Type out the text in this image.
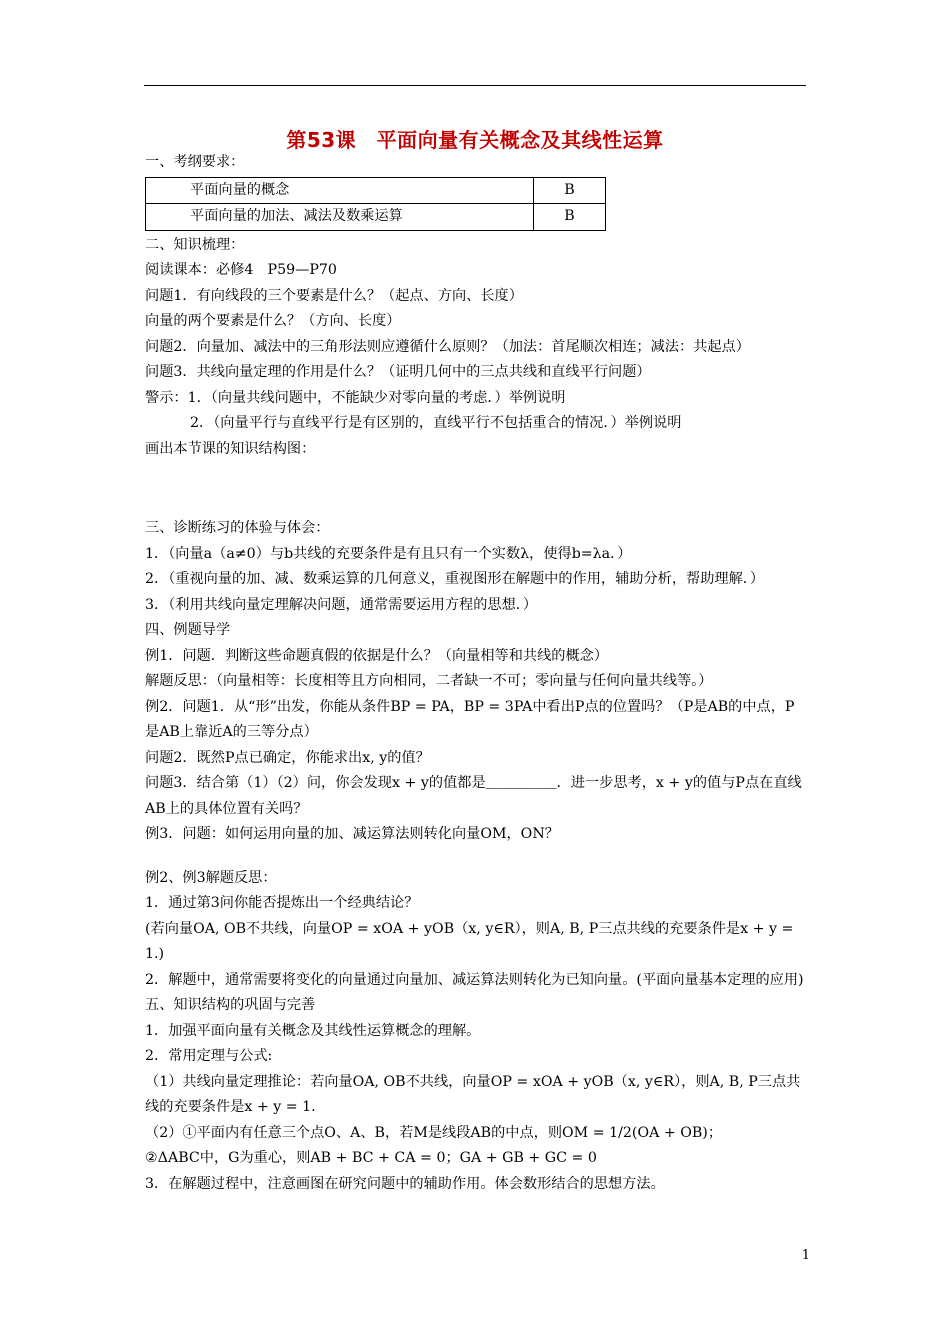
第53课　平面向量有关概念及其线性运算

一、考纲要求：

平面向量的概念	B
平面向量的加法、减法及数乘运算	B

二、知识梳理：

阅读课本：必修4　P59—P70

问题1．有向线段的三个要素是什么？（起点、方向、长度）

向量的两个要素是什么？（方向、长度）

问题2．向量加、减法中的三角形法则应遵循什么原则？（加法：首尾顺次相连；减法：共起点）

问题3．共线向量定理的作用是什么？（证明几何中的三点共线和直线平行问题）

警示：1．（向量共线问题中，不能缺少对零向量的考虑．）举例说明

2．（向量平行与直线平行是有区别的，直线平行不包括重合的情况．）举例说明

画出本节课的知识结构图：

三、诊断练习的体验与体会：

1．（向量a（a≠0）与b共线的充要条件是有且只有一个实数λ，使得b=λa．）

2．（重视向量的加、减、数乘运算的几何意义，重视图形在解题中的作用，辅助分析，帮助理解．）

3．（利用共线向量定理解决问题，通常需要运用方程的思想．）

四、例题导学

例1．问题．判断这些命题真假的依据是什么？（向量相等和共线的概念）

解题反思：（向量相等：长度相等且方向相同，二者缺一不可；零向量与任何向量共线等。）

例2．问题1．从“形”出发，你能从条件BP = PA，BP = 3PA中看出P点的位置吗？（P是AB的中点，P是AB上靠近A的三等分点）

问题2．既然P点已确定，你能求出x, y的值？

问题3．结合第（1）（2）问，你会发现x + y的值都是＿＿＿＿＿．进一步思考，x + y的值与P点在直线AB上的具体位置有关吗？

例3．问题：如何运用向量的加、减运算法则转化向量OM，ON？

例2、例3解题反思：

1．通过第3问你能否提炼出一个经典结论？

(若向量OA, OB不共线，向量OP = xOA + yOB（x, y∈R），则A, B, P三点共线的充要条件是x + y = 1.)

2．解题中，通常需要将变化的向量通过向量加、减运算法则转化为已知向量。(平面向量基本定理的应用)

五、知识结构的巩固与完善

1．加强平面向量有关概念及其线性运算概念的理解。

2．常用定理与公式:

（1）共线向量定理推论：若向量OA, OB不共线，向量OP = xOA + yOB（x, y∈R），则A, B, P三点共线的充要条件是x + y = 1.

（2）①平面内有任意三个点O、A、B，若M是线段AB的中点，则OM = 1/2(OA + OB)；

②ΔABC中，G为重心，则AB + BC + CA = 0；GA + GB + GC = 0

3．在解题过程中，注意画图在研究问题中的辅助作用。体会数形结合的思想方法。

1
